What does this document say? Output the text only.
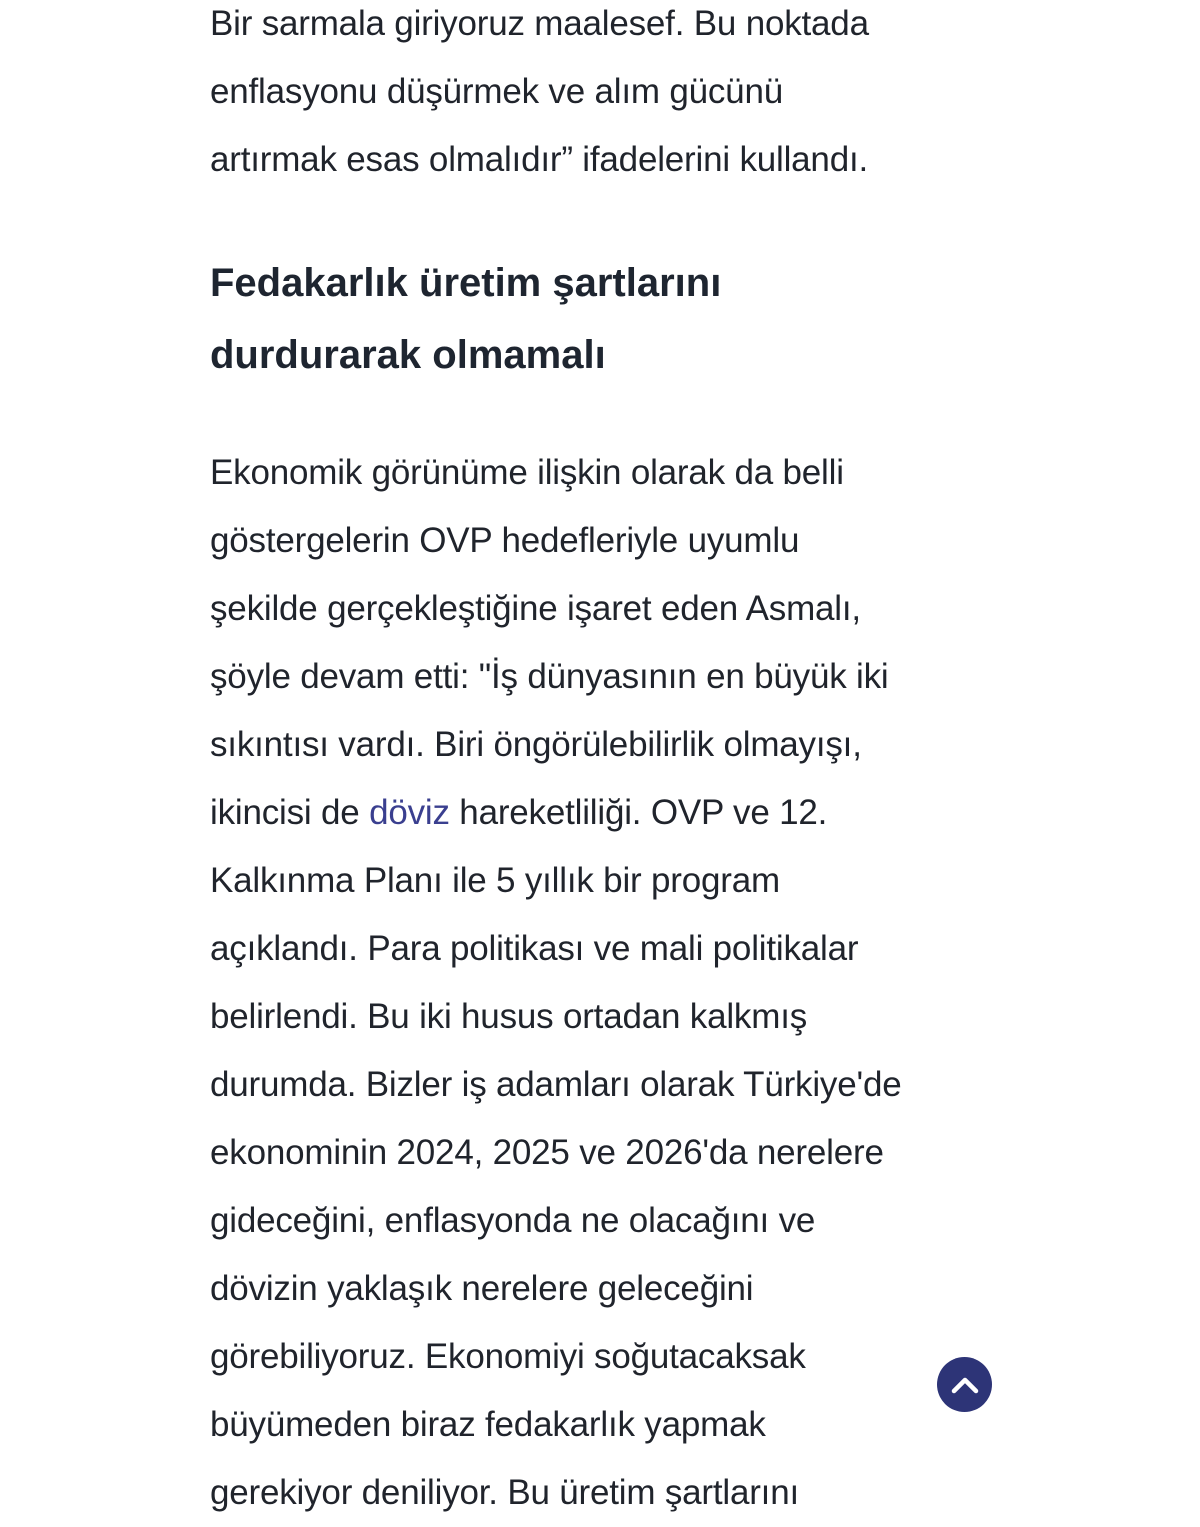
Bir sarmala giriyoruz maalesef. Bu noktada
enflasyonu düşürmek ve alım gücünü
artırmak esas olmalıdır” ifadelerini kullandı.

Fedakarlık üretim şartlarını
durdurarak olmamalı

Ekonomik görünüme ilişkin olarak da belli
göstergelerin OVP hedefleriyle uyumlu
şekilde gerçekleştiğine işaret eden Asmalı,
şöyle devam etti: "İş dünyasının en büyük iki
sıkıntısı vardı. Biri öngörülebilirlik olmayışı,
ikincisi de döviz hareketliliği. OVP ve 12.
Kalkınma Planı ile 5 yıllık bir program
açıklandı. Para politikası ve mali politikalar
belirlendi. Bu iki husus ortadan kalkmış
durumda. Bizler iş adamları olarak Türkiye'de
ekonominin 2024, 2025 ve 2026'da nerelere
gideceğini, enflasyonda ne olacağını ve
dövizin yaklaşık nerelere geleceğini
görebiliyoruz. Ekonomiyi soğutacaksak
büyümeden biraz fedakarlık yapmak
gerekiyor deniliyor. Bu üretim şartlarını
